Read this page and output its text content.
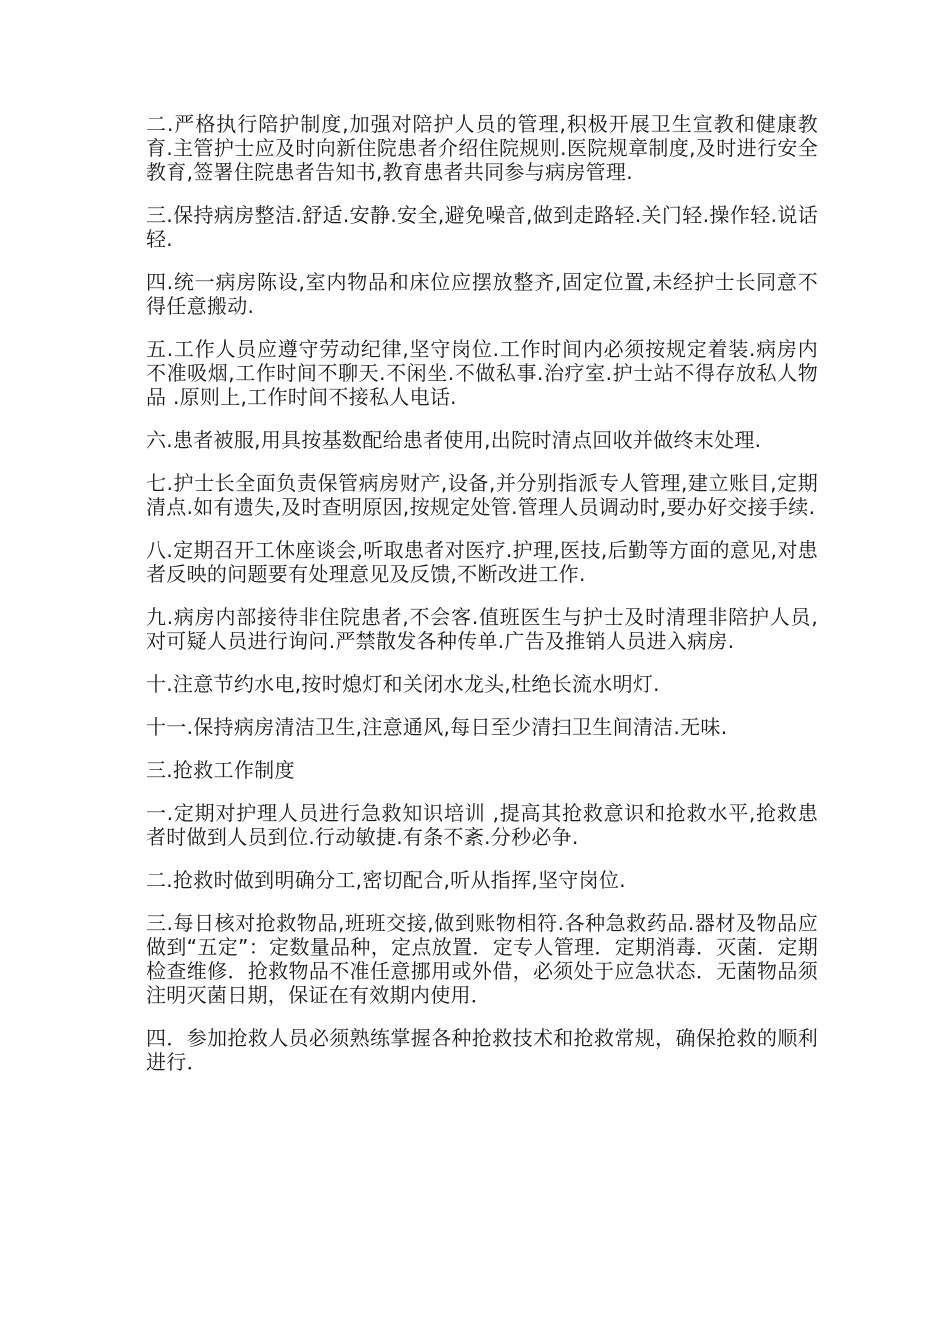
二.严格执行陪护制度,加强对陪护人员的管理,积极开展卫生宣教和健康教育.主管护士应及时向新住院患者介绍住院规则.医院规章制度,及时进行安全教育,签署住院患者告知书,教育患者共同参与病房管理.

三.保持病房整洁.舒适.安静.安全,避免噪音,做到走路轻.关门轻.操作轻.说话轻.

四.统一病房陈设,室内物品和床位应摆放整齐,固定位置,未经护士长同意不得任意搬动.

五.工作人员应遵守劳动纪律,坚守岗位.工作时间内必须按规定着装.病房内不准吸烟,工作时间不聊天.不闲坐.不做私事.治疗室.护士站不得存放私人物品 .原则上,工作时间不接私人电话.

六.患者被服,用具按基数配给患者使用,出院时清点回收并做终末处理.

七.护士长全面负责保管病房财产,设备,并分别指派专人管理,建立账目,定期清点.如有遗失,及时查明原因,按规定处管.管理人员调动时,要办好交接手续.

八.定期召开工休座谈会,听取患者对医疗.护理,医技,后勤等方面的意见,对患者反映的问题要有处理意见及反馈,不断改进工作.

九.病房内部接待非住院患者,不会客.值班医生与护士及时清理非陪护人员,对可疑人员进行询问.严禁散发各种传单.广告及推销人员进入病房.

十.注意节约水电,按时熄灯和关闭水龙头,杜绝长流水明灯.

十一.保持病房清洁卫生,注意通风,每日至少清扫卫生间清洁.无味.

三.抢救工作制度

一.定期对护理人员进行急救知识培训 ,提高其抢救意识和抢救水平,抢救患者时做到人员到位.行动敏捷.有条不紊.分秒必争.

二.抢救时做到明确分工,密切配合,听从指挥,坚守岗位.

三.每日核对抢救物品,班班交接,做到账物相符.各种急救药品.器材及物品应做到“五定”：定数量品种，定点放置．定专人管理．定期消毒．灭菌．定期检查维修．抢救物品不准任意挪用或外借，必须处于应急状态．无菌物品须注明灭菌日期，保证在有效期内使用．

四．参加抢救人员必须熟练掌握各种抢救技术和抢救常规，确保抢救的顺利进行．
